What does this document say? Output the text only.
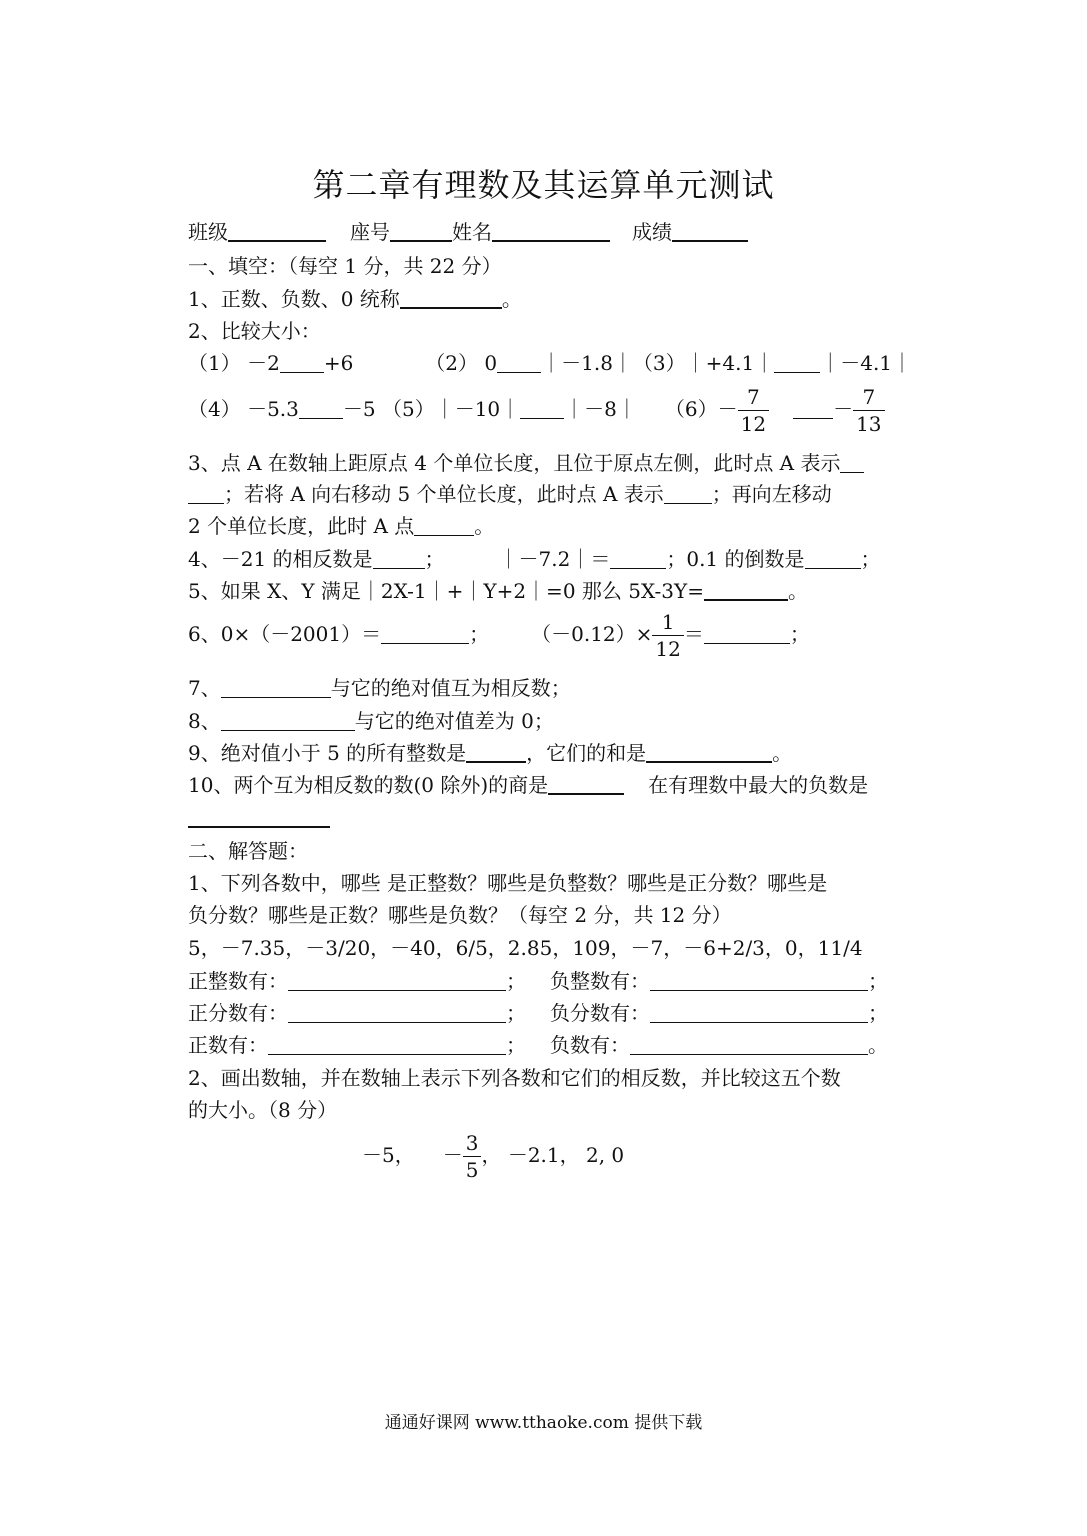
第二章有理数及其运算单元测试
班级	座号	姓名	成绩
一、填空：（每空 1 分，共 22 分）
1、正数、负数、0 统称	。
2、比较大小：
（1） －2 +6	（2） 0 ｜－1.8｜（3）｜+4.1｜ ｜－4.1｜
（4） －5.3 －5 （5）｜－10｜ ｜－8｜ $(6)- \frac{7}{12}$	－ $\frac{7}{13}$
3、点 A 在数轴上距原点 4 个单位长度，且位于原点左侧，此时点 A 表示
；若将 A 向右移动 5 个单位长度，此时点 A 表示 ；再向左移动
2 个单位长度，此时 A 点	。
4、－21 的相反数是	；	｜－7.2｜＝	；0.1 的倒数是	；
5、如果 X、Y 满足｜2X-1｜+｜Y+2｜=0 那么 5X-3Y=	。
6、0×（－2001）＝	； $(-0.12)\times \frac{1}{12}$ ＝	；
7、	与它的绝对值互为相反数；
8、	与它的绝对值差为 0；
9、绝对值小于 5 的所有整数是	，它们的和是	。
10、两个互为相反数的数(0 除外)的商是	在有理数中最大的负数是
二、解答题：
1、下列各数中，哪些 是正整数？哪些是负整数？哪些是正分数？哪些是
负分数？哪些是正数？哪些是负数？（每空 2 分，共 12 分）
5，－7.35，－3/20，－40，6/5，2.85，109，－7，－6+2/3，0，11/4
正整数有：	； 负整数有：	；
正分数有：	； 负分数有：	；
正数有：	； 负数有：	。
2、画出数轴，并在数轴上表示下列各数和它们的相反数，并比较这五个数
的大小。（8 分）
－5， － $\frac{3}{5}$ ， －2.1， 2, 0
通通好课网 www.tthaoke.com 提供下载
